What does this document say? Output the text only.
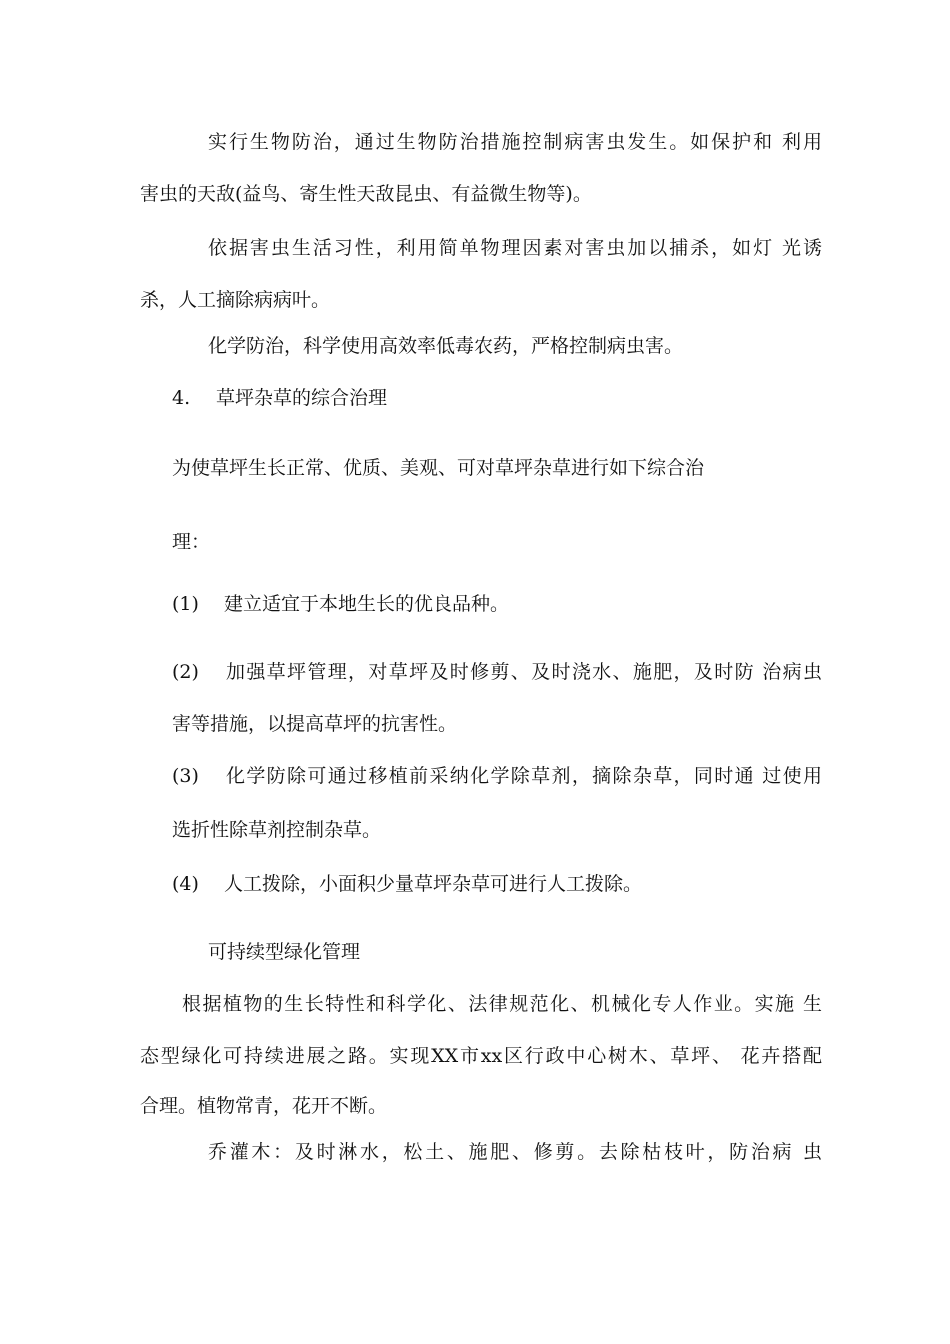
实行生物防治，通过生物防治措施控制病害虫发生。如保护和 利用
害虫的天敌(益鸟、寄生性天敌昆虫、有益微生物等)。
依据害虫生活习性，利用简单物理因素对害虫加以捕杀，如灯 光诱
杀，人工摘除病病叶。
化学防治，科学使用高效率低毒农药，严格控制病虫害。
4. 草坪杂草的综合治理
为使草坪生长正常、优质、美观、可对草坪杂草进行如下综合治
理：
(1) 建立适宜于本地生长的优良品种。
(2) 加强草坪管理，对草坪及时修剪、及时浇水、施肥，及时防 治病虫
害等措施，以提高草坪的抗害性。
(3) 化学防除可通过移植前采纳化学除草剂，摘除杂草，同时通 过使用
选折性除草剂控制杂草。
(4) 人工拨除，小面积少量草坪杂草可进行人工拨除。
可持续型绿化管理
根据植物的生长特性和科学化、法律规范化、机械化专人作业。实施 生
态型绿化可持续进展之路。实现XX市xx区行政中心树木、草坪、 花卉搭配
合理。植物常青，花开不断。
乔灌木：及时淋水，松土、施肥、修剪。去除枯枝叶，防治病 虫
